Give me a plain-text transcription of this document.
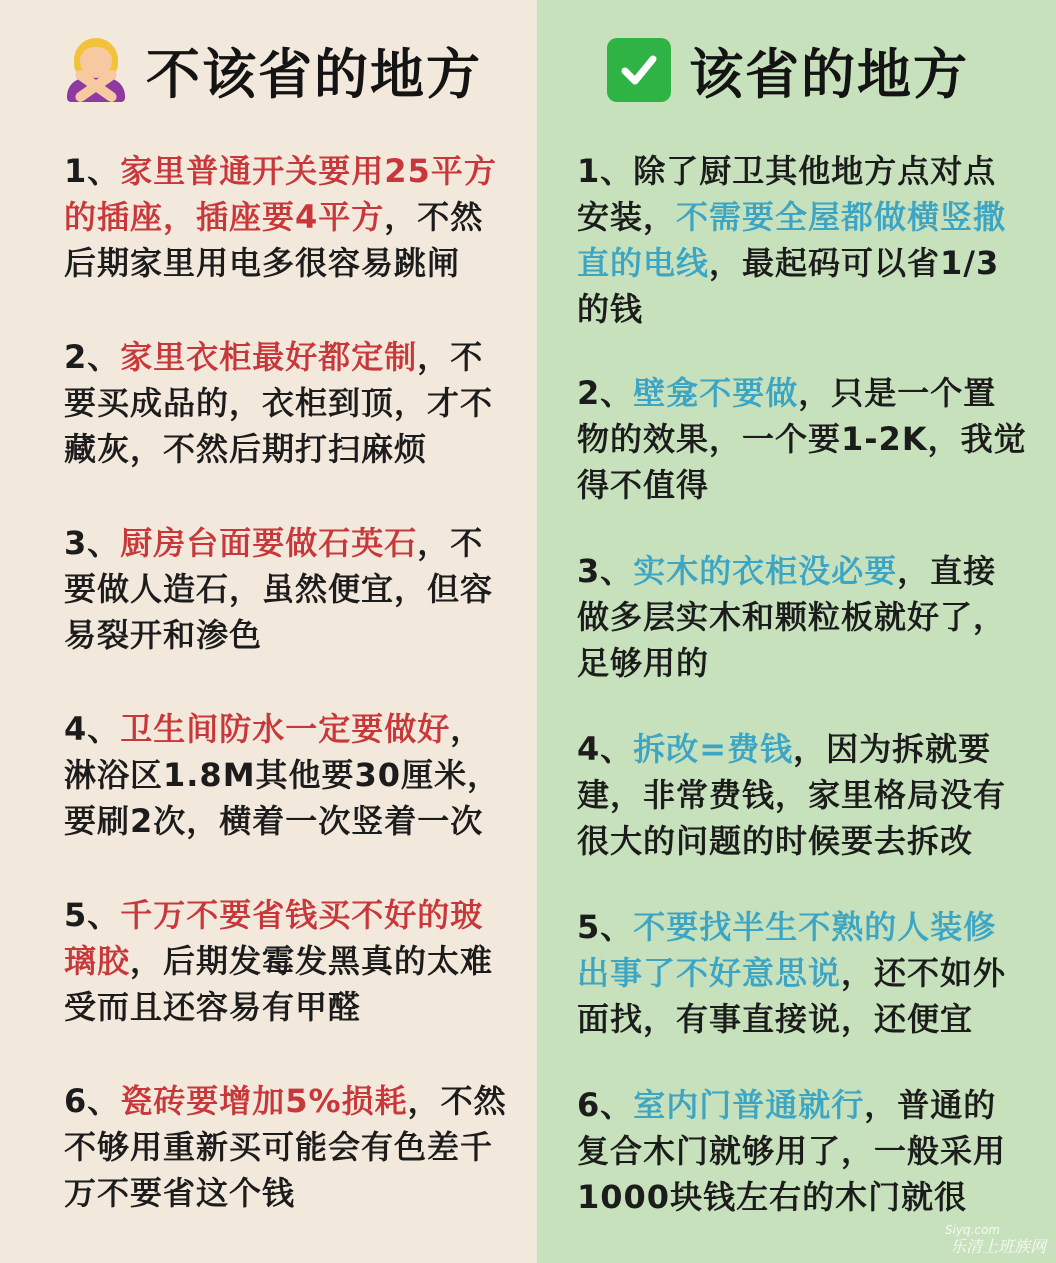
不该省的地方

1、家里普通开关要用25平方的插座，插座要4平方，不然后期家里用电多很容易跳闸

2、家里衣柜最好都定制，不要买成品的，衣柜到顶，才不藏灰，不然后期打扫麻烦

3、厨房台面要做石英石，不要做人造石，虽然便宜，但容易裂开和渗色

4、卫生间防水一定要做好，淋浴区1.8M其他要30厘米，要刷2次，横着一次竖着一次

5、千万不要省钱买不好的玻璃胶，后期发霉发黑真的太难受而且还容易有甲醛

6、瓷砖要增加5%损耗，不然不够用重新买可能会有色差千万不要省这个钱

该省的地方

1、除了厨卫其他地方点对点安装，不需要全屋都做横竖撒直的电线，最起码可以省1/3的钱

2、壁龛不要做，只是一个置物的效果，一个要1-2K，我觉得不值得

3、实木的衣柜没必要，直接做多层实木和颗粒板就好了，足够用的

4、拆改=费钱，因为拆就要建，非常费钱，家里格局没有很大的问题的时候要去拆改

5、不要找半生不熟的人装修出事了不好意思说，还不如外面找，有事直接说，还便宜

6、室内门普通就行，普通的复合木门就够用了，一般采用1000块钱左右的木门就很

Siyq.com
乐清上班族网
